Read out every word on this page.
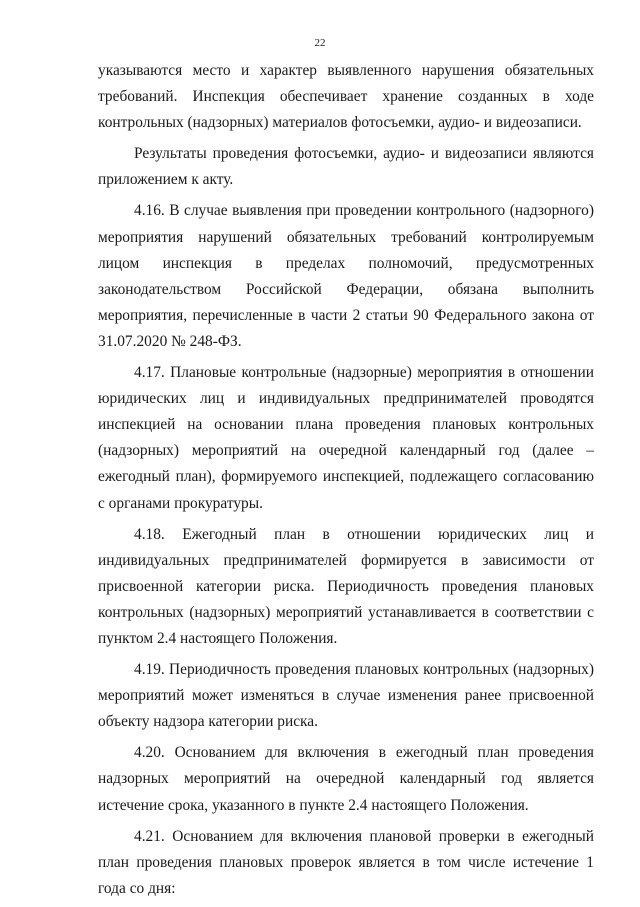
22

указываются место и характер выявленного нарушения обязательных требований. Инспекция обеспечивает хранение созданных в ходе контрольных (надзорных) материалов фотосъемки, аудио- и видеозаписи.

Результаты проведения фотосъемки, аудио- и видеозаписи являются приложением к акту.

4.16. В случае выявления при проведении контрольного (надзорного) мероприятия нарушений обязательных требований контролируемым лицом инспекция в пределах полномочий, предусмотренных законодательством Российской Федерации, обязана выполнить мероприятия, перечисленные в части 2 статьи 90 Федерального закона от 31.07.2020 № 248-ФЗ.

4.17. Плановые контрольные (надзорные) мероприятия в отношении юридических лиц и индивидуальных предпринимателей проводятся инспекцией на основании плана проведения плановых контрольных (надзорных) мероприятий на очередной календарный год (далее – ежегодный план), формируемого инспекцией, подлежащего согласованию с органами прокуратуры.

4.18. Ежегодный план в отношении юридических лиц и индивидуальных предпринимателей формируется в зависимости от присвоенной категории риска. Периодичность проведения плановых контрольных (надзорных) мероприятий устанавливается в соответствии с пунктом 2.4 настоящего Положения.

4.19. Периодичность проведения плановых контрольных (надзорных) мероприятий может изменяться в случае изменения ранее присвоенной объекту надзора категории риска.

4.20. Основанием для включения в ежегодный план проведения надзорных мероприятий на очередной календарный год является истечение срока, указанного в пункте 2.4 настоящего Положения.

4.21. Основанием для включения плановой проверки в ежегодный план проведения плановых проверок является в том числе истечение 1 года со дня:
